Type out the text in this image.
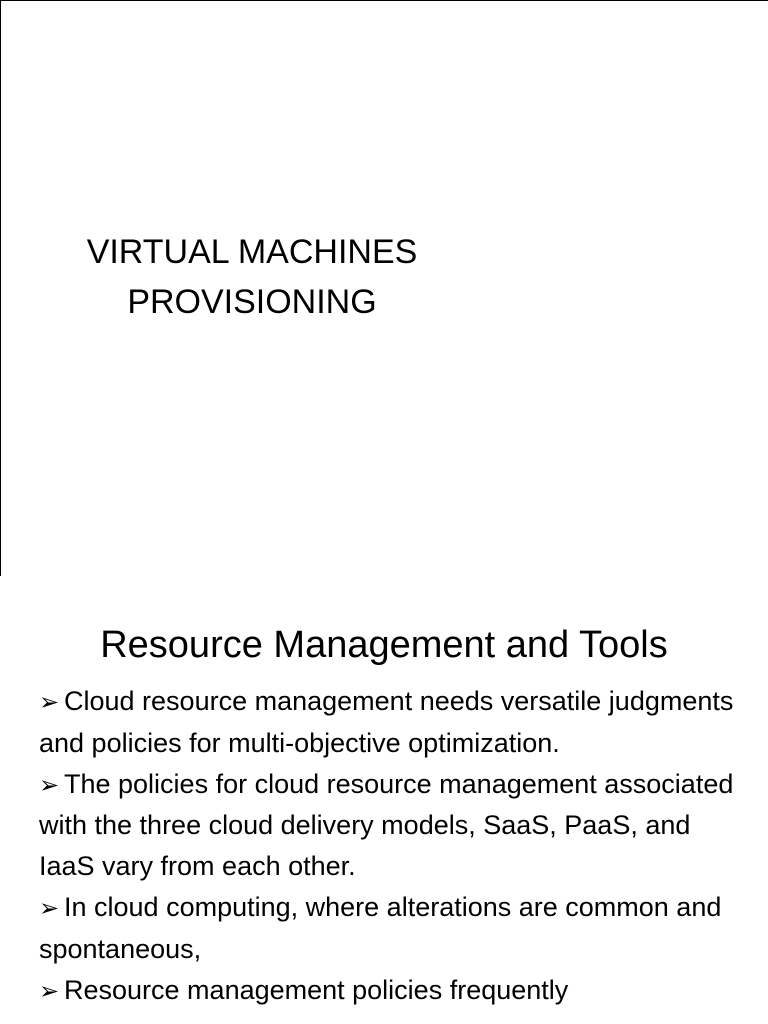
VIRTUAL MACHINES
PROVISIONING
Resource Management and Tools
➢ Cloud resource management needs versatile judgments and policies for multi-objective optimization.
➢ The policies for cloud resource management associated with the three cloud delivery models, SaaS, PaaS, and IaaS vary from each other.
➢ In cloud computing, where alterations are common and spontaneous,
➢ Resource management policies frequently
